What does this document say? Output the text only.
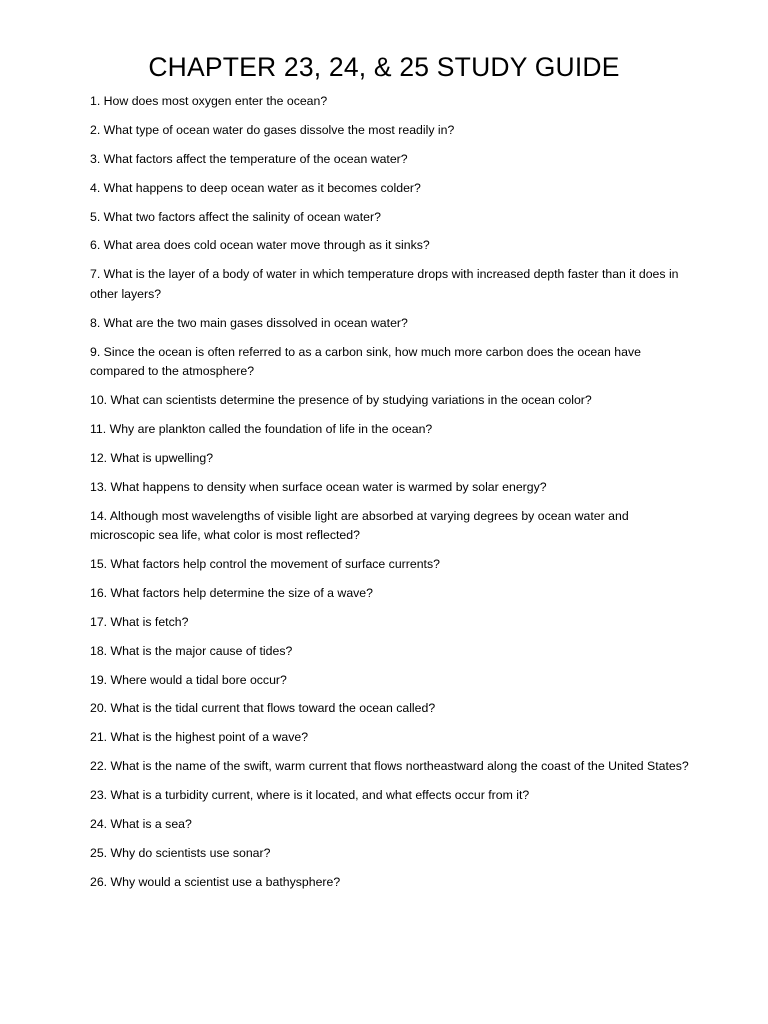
CHAPTER 23, 24, & 25 STUDY GUIDE
1. How does most oxygen enter the ocean?
2. What type of ocean water do gases dissolve the most readily in?
3. What factors affect the temperature of the ocean water?
4. What happens to deep ocean water as it becomes colder?
5. What two factors affect the salinity of ocean water?
6. What area does cold ocean water move through as it sinks?
7. What is the layer of a body of water in which temperature drops with increased depth faster than it does in other layers?
8. What are the two main gases dissolved in ocean water?
9. Since the ocean is often referred to as a carbon sink, how much more carbon does the ocean have compared to the atmosphere?
10. What can scientists determine the presence of by studying variations in the ocean color?
11. Why are plankton called the foundation of life in the ocean?
12. What is upwelling?
13. What happens to density when surface ocean water is warmed by solar energy?
14. Although most wavelengths of visible light are absorbed at varying degrees by ocean water and microscopic sea life, what color is most reflected?
15. What factors help control the movement of surface currents?
16. What factors help determine the size of a wave?
17. What is fetch?
18. What is the major cause of tides?
19. Where would a tidal bore occur?
20. What is the tidal current that flows toward the ocean called?
21. What is the highest point of a wave?
22. What is the name of the swift, warm current that flows northeastward along the coast of the United States?
23. What is a turbidity current, where is it located, and what effects occur from it?
24. What is a sea?
25. Why do scientists use sonar?
26. Why would a scientist use a bathysphere?
